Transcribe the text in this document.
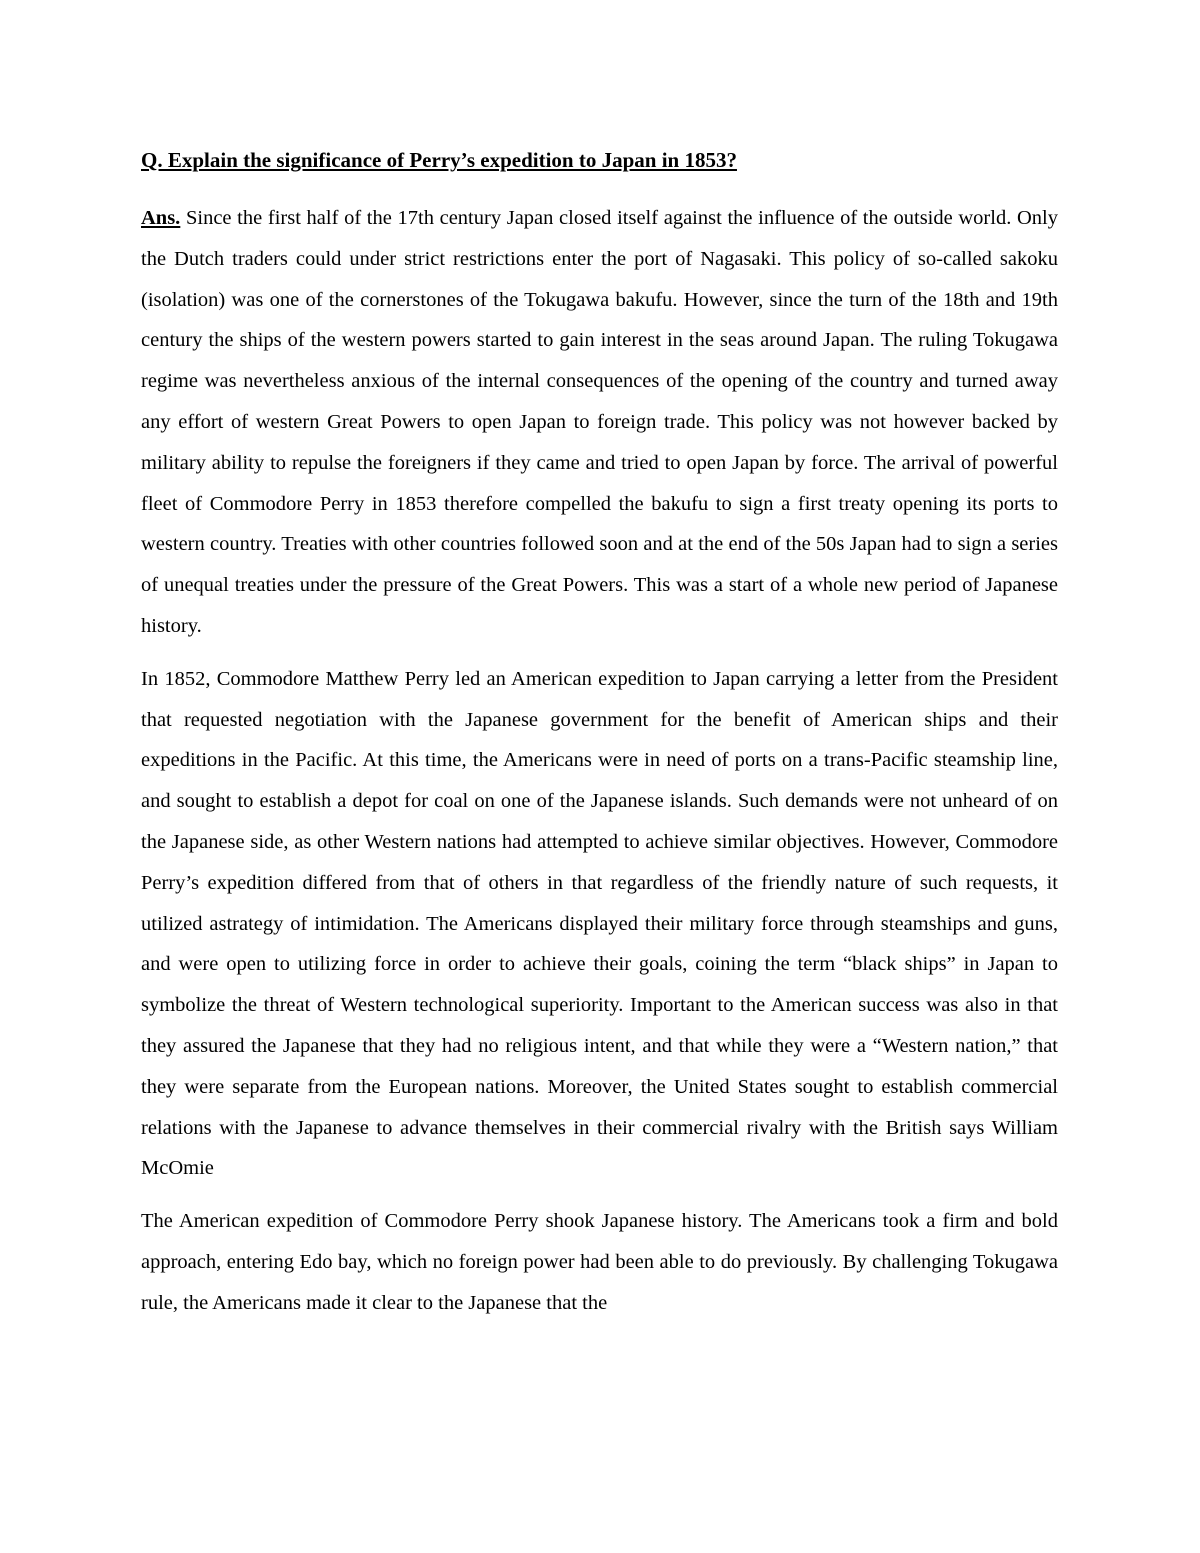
Q. Explain the significance of Perry’s expedition to Japan in 1853?

Ans. Since the first half of the 17th century Japan closed itself against the influence of the outside world. Only the Dutch traders could under strict restrictions enter the port of Nagasaki. This policy of so-called sakoku (isolation) was one of the cornerstones of the Tokugawa bakufu. However, since the turn of the 18th and 19th century the ships of the western powers started to gain interest in the seas around Japan. The ruling Tokugawa regime was nevertheless anxious of the internal consequences of the opening of the country and turned away any effort of western Great Powers to open Japan to foreign trade. This policy was not however backed by military ability to repulse the foreigners if they came and tried to open Japan by force. The arrival of powerful fleet of Commodore Perry in 1853 therefore compelled the bakufu to sign a first treaty opening its ports to western country. Treaties with other countries followed soon and at the end of the 50s Japan had to sign a series of unequal treaties under the pressure of the Great Powers. This was a start of a whole new period of Japanese history.

In 1852, Commodore Matthew Perry led an American expedition to Japan carrying a letter from the President that requested negotiation with the Japanese government for the benefit of American ships and their expeditions in the Pacific. At this time, the Americans were in need of ports on a trans-Pacific steamship line, and sought to establish a depot for coal on one of the Japanese islands. Such demands were not unheard of on the Japanese side, as other Western nations had attempted to achieve similar objectives. However, Commodore Perry’s expedition differed from that of others in that regardless of the friendly nature of such requests, it utilized astrategy of intimidation. The Americans displayed their military force through steamships and guns, and were open to utilizing force in order to achieve their goals, coining the term “black ships” in Japan to symbolize the threat of Western technological superiority. Important to the American success was also in that they assured the Japanese that they had no religious intent, and that while they were a “Western nation,” that they were separate from the European nations. Moreover, the United States sought to establish commercial relations with the Japanese to advance themselves in their commercial rivalry with the British says William McOmie

The American expedition of Commodore Perry shook Japanese history. The Americans took a firm and bold approach, entering Edo bay, which no foreign power had been able to do previously. By challenging Tokugawa rule, the Americans made it clear to the Japanese that the
